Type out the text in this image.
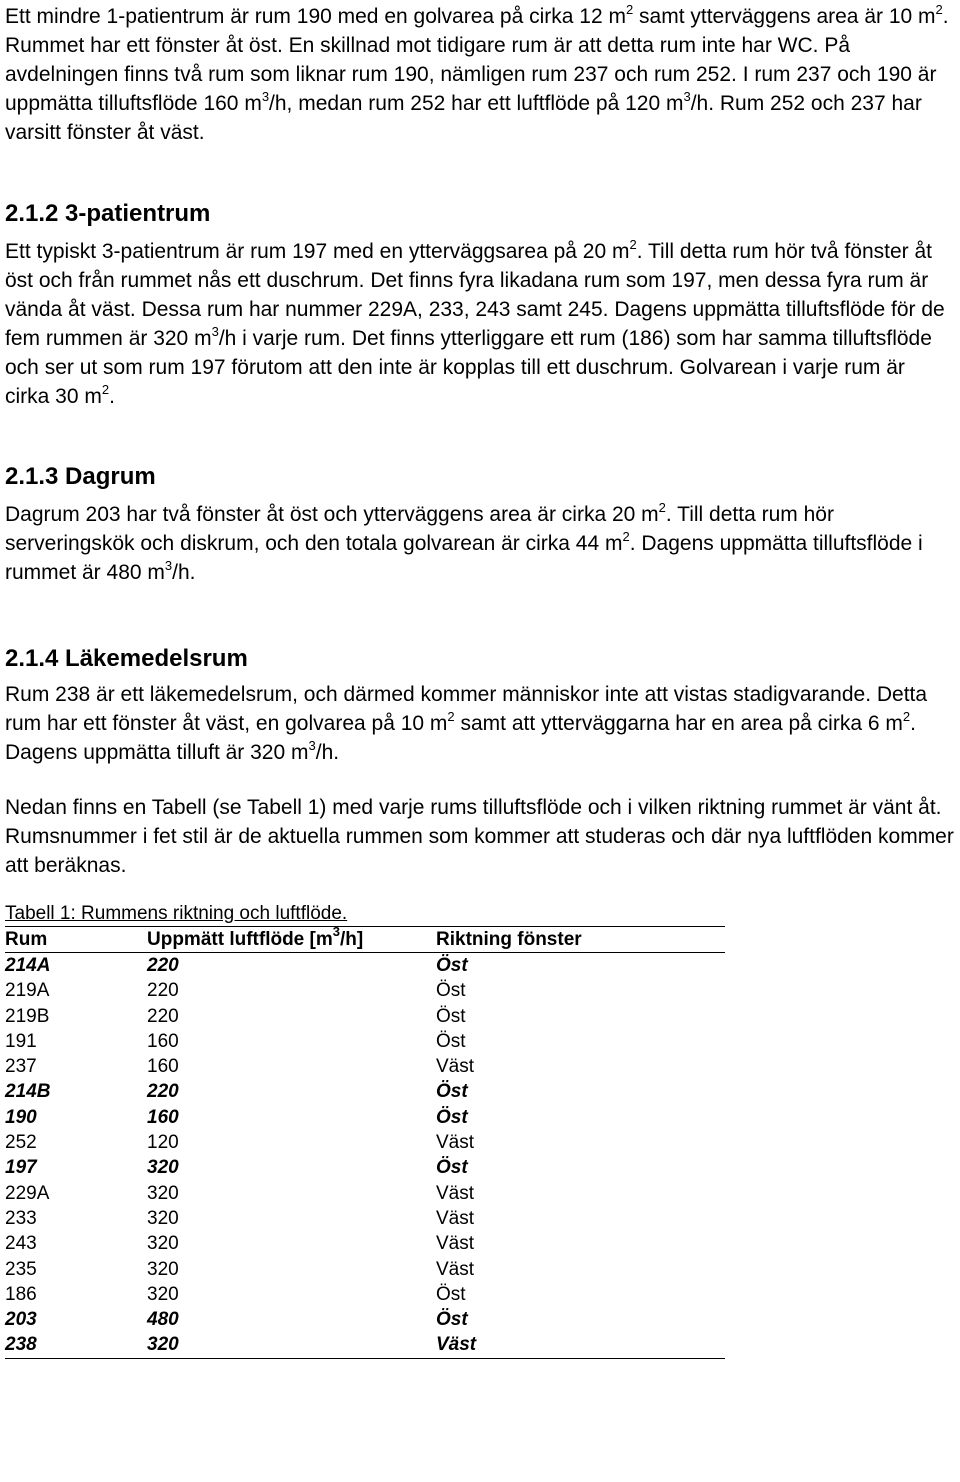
Ett mindre 1-patientrum är rum 190 med en golvarea på cirka 12 $m^2$ samt ytterväggens area är 10 $m^2$. Rummet har ett fönster åt öst. En skillnad mot tidigare rum är att detta rum inte har WC. På avdelningen finns två rum som liknar rum 190, nämligen rum 237 och rum 252. I rum 237 och 190 är uppmätta tilluftsflöde 160 $m^3/h$, medan rum 252 har ett luftflöde på 120 $m^3/h$. Rum 252 och 237 har varsitt fönster åt väst.

2.1.2 3-patientrum

Ett typiskt 3-patientrum är rum 197 med en ytterväggsarea på 20 $m^2$. Till detta rum hör två fönster åt öst och från rummet nås ett duschrum. Det finns fyra likadana rum som 197, men dessa fyra rum är vända åt väst. Dessa rum har nummer 229A, 233, 243 samt 245. Dagens uppmätta tilluftsflöde för de fem rummen är 320 $m^3/h$ i varje rum. Det finns ytterliggare ett rum (186) som har samma tilluftsflöde och ser ut som rum 197 förutom att den inte är kopplas till ett duschrum. Golvarean i varje rum är cirka 30 $m^2$.

2.1.3 Dagrum

Dagrum 203 har två fönster åt öst och ytterväggens area är cirka 20 $m^2$. Till detta rum hör serveringskök och diskrum, och den totala golvarean är cirka 44 $m^2$. Dagens uppmätta tilluftsflöde i rummet är 480 $m^3/h$.

2.1.4 Läkemedelsrum

Rum 238 är ett läkemedelsrum, och därmed kommer människor inte att vistas stadigvarande. Detta rum har ett fönster åt väst, en golvarea på 10 $m^2$ samt att ytterväggarna har en area på cirka 6 $m^2$. Dagens uppmätta tilluft är 320 $m^3/h$.

Nedan finns en Tabell (se Tabell 1) med varje rums tilluftsflöde och i vilken riktning rummet är vänt åt. Rumsnummer i fet stil är de aktuella rummen som kommer att studeras och där nya luftflöden kommer att beräknas.

Tabell 1: Rummens riktning och luftflöde.
Rum	Uppmätt luftflöde $[m^3/h]$	Riktning fönster
214A	220	Öst
219A	220	Öst
219B	220	Öst
191	160	Öst
237	160	Väst
214B	220	Öst
190	160	Öst
252	120	Väst
197	320	Öst
229A	320	Väst
233	320	Väst
243	320	Väst
235	320	Väst
186	320	Öst
203	480	Öst
238	320	Väst
